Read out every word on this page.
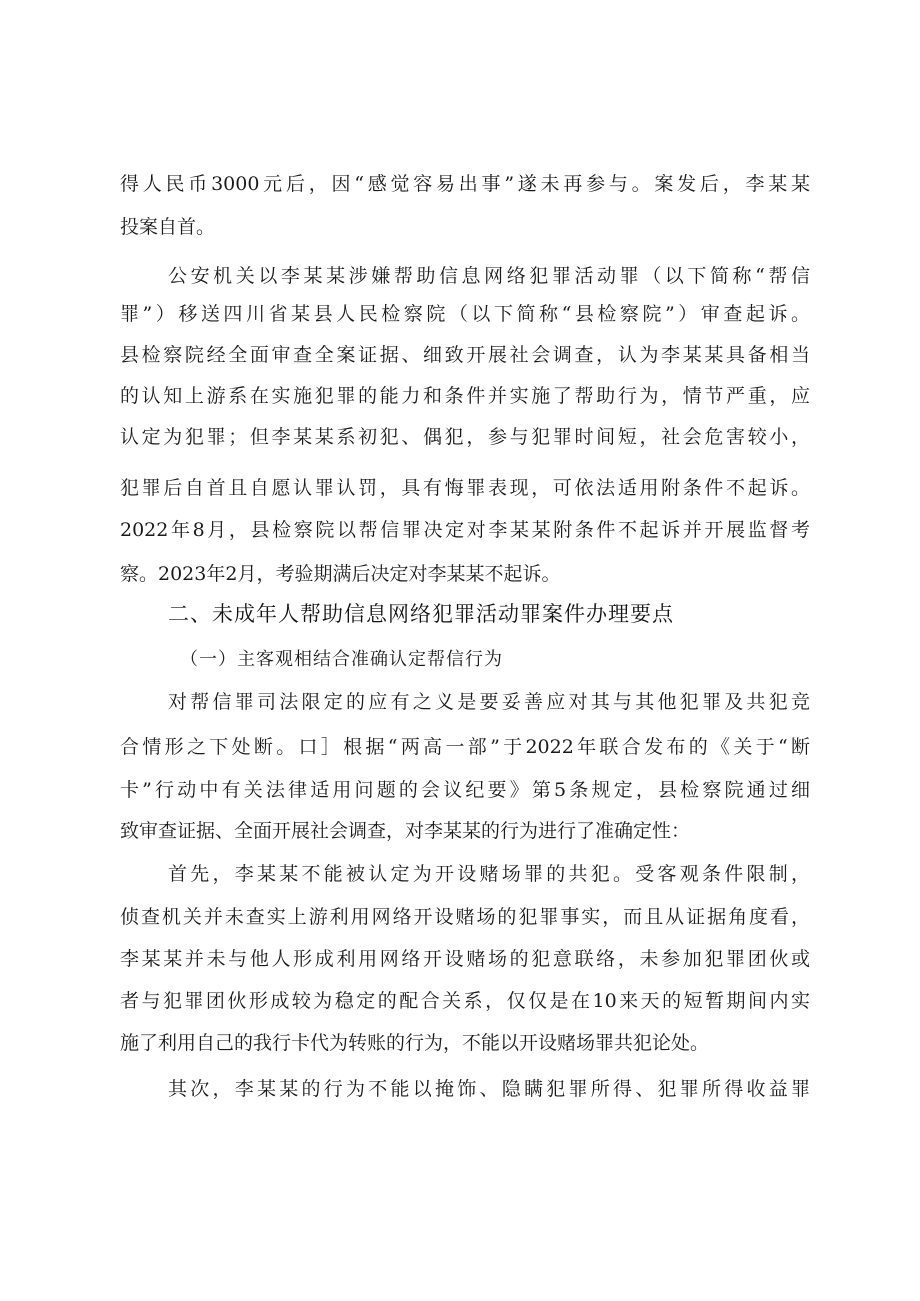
得人民币3000元后，因“感觉容易出事”遂未再参与。案发后，李某某
投案自首。
公安机关以李某某涉嫌帮助信息网络犯罪活动罪（以下简称“帮信
罪”）移送四川省某县人民检察院（以下简称“县检察院”）审查起诉。
县检察院经全面审查全案证据、细致开展社会调查，认为李某某具备相当
的认知上游系在实施犯罪的能力和条件并实施了帮助行为，情节严重，应
认定为犯罪；但李某某系初犯、偶犯，参与犯罪时间短，社会危害较小，
犯罪后自首且自愿认罪认罚，具有悔罪表现，可依法适用附条件不起诉。
2022年8月，县检察院以帮信罪决定对李某某附条件不起诉并开展监督考
察。2023年2月，考验期满后决定对李某某不起诉。
二、未成年人帮助信息网络犯罪活动罪案件办理要点
（一）主客观相结合准确认定帮信行为
对帮信罪司法限定的应有之义是要妥善应对其与其他犯罪及共犯竞
合情形之下处断。口］根据“两高一部”于2022年联合发布的《关于“断
卡”行动中有关法律适用问题的会议纪要》第5条规定，县检察院通过细
致审查证据、全面开展社会调查，对李某某的行为进行了准确定性：
首先，李某某不能被认定为开设赌场罪的共犯。受客观条件限制，
侦查机关并未查实上游利用网络开设赌场的犯罪事实，而且从证据角度看，
李某某并未与他人形成利用网络开设赌场的犯意联络，未参加犯罪团伙或
者与犯罪团伙形成较为稳定的配合关系，仅仅是在10来天的短暂期间内实
施了利用自己的我行卡代为转账的行为，不能以开设赌场罪共犯论处。
其次，李某某的行为不能以掩饰、隐瞒犯罪所得、犯罪所得收益罪
